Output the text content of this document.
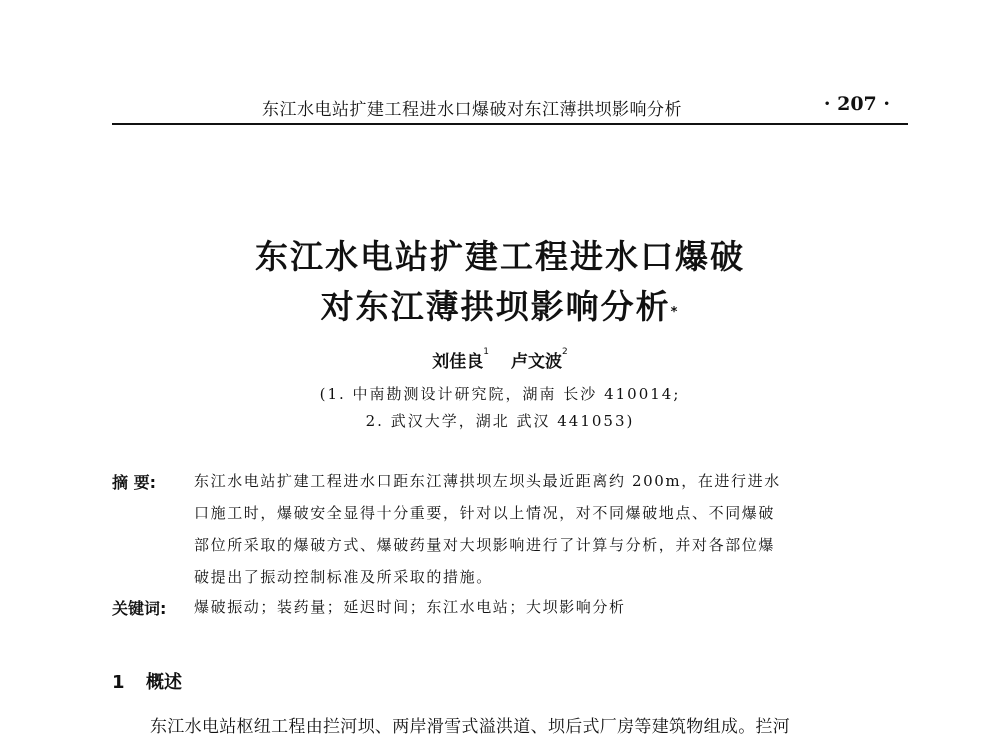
东江水电站扩建工程进水口爆破对东江薄拱坝影响分析	· 207 ·
东江水电站扩建工程进水口爆破
对东江薄拱坝影响分析*
刘佳良$^1$ 卢文波$^2$
(1. 中南勘测设计研究院，湖南 长沙 410014;
2. 武汉大学，湖北 武汉 441053)
摘 要:	东江水电站扩建工程进水口距东江薄拱坝左坝头最近距离约 200m，在进行进水
口施工时，爆破安全显得十分重要，针对以上情况，对不同爆破地点、不同爆破
部位所采取的爆破方式、爆破药量对大坝影响进行了计算与分析，并对各部位爆
破提出了振动控制标准及所采取的措施。
关键词: 爆破振动；装药量；延迟时间；东江水电站；大坝影响分析
1 概述
东江水电站枢纽工程由拦河坝、两岸滑雪式溢洪道、坝后式厂房等建筑物组成。拦河
